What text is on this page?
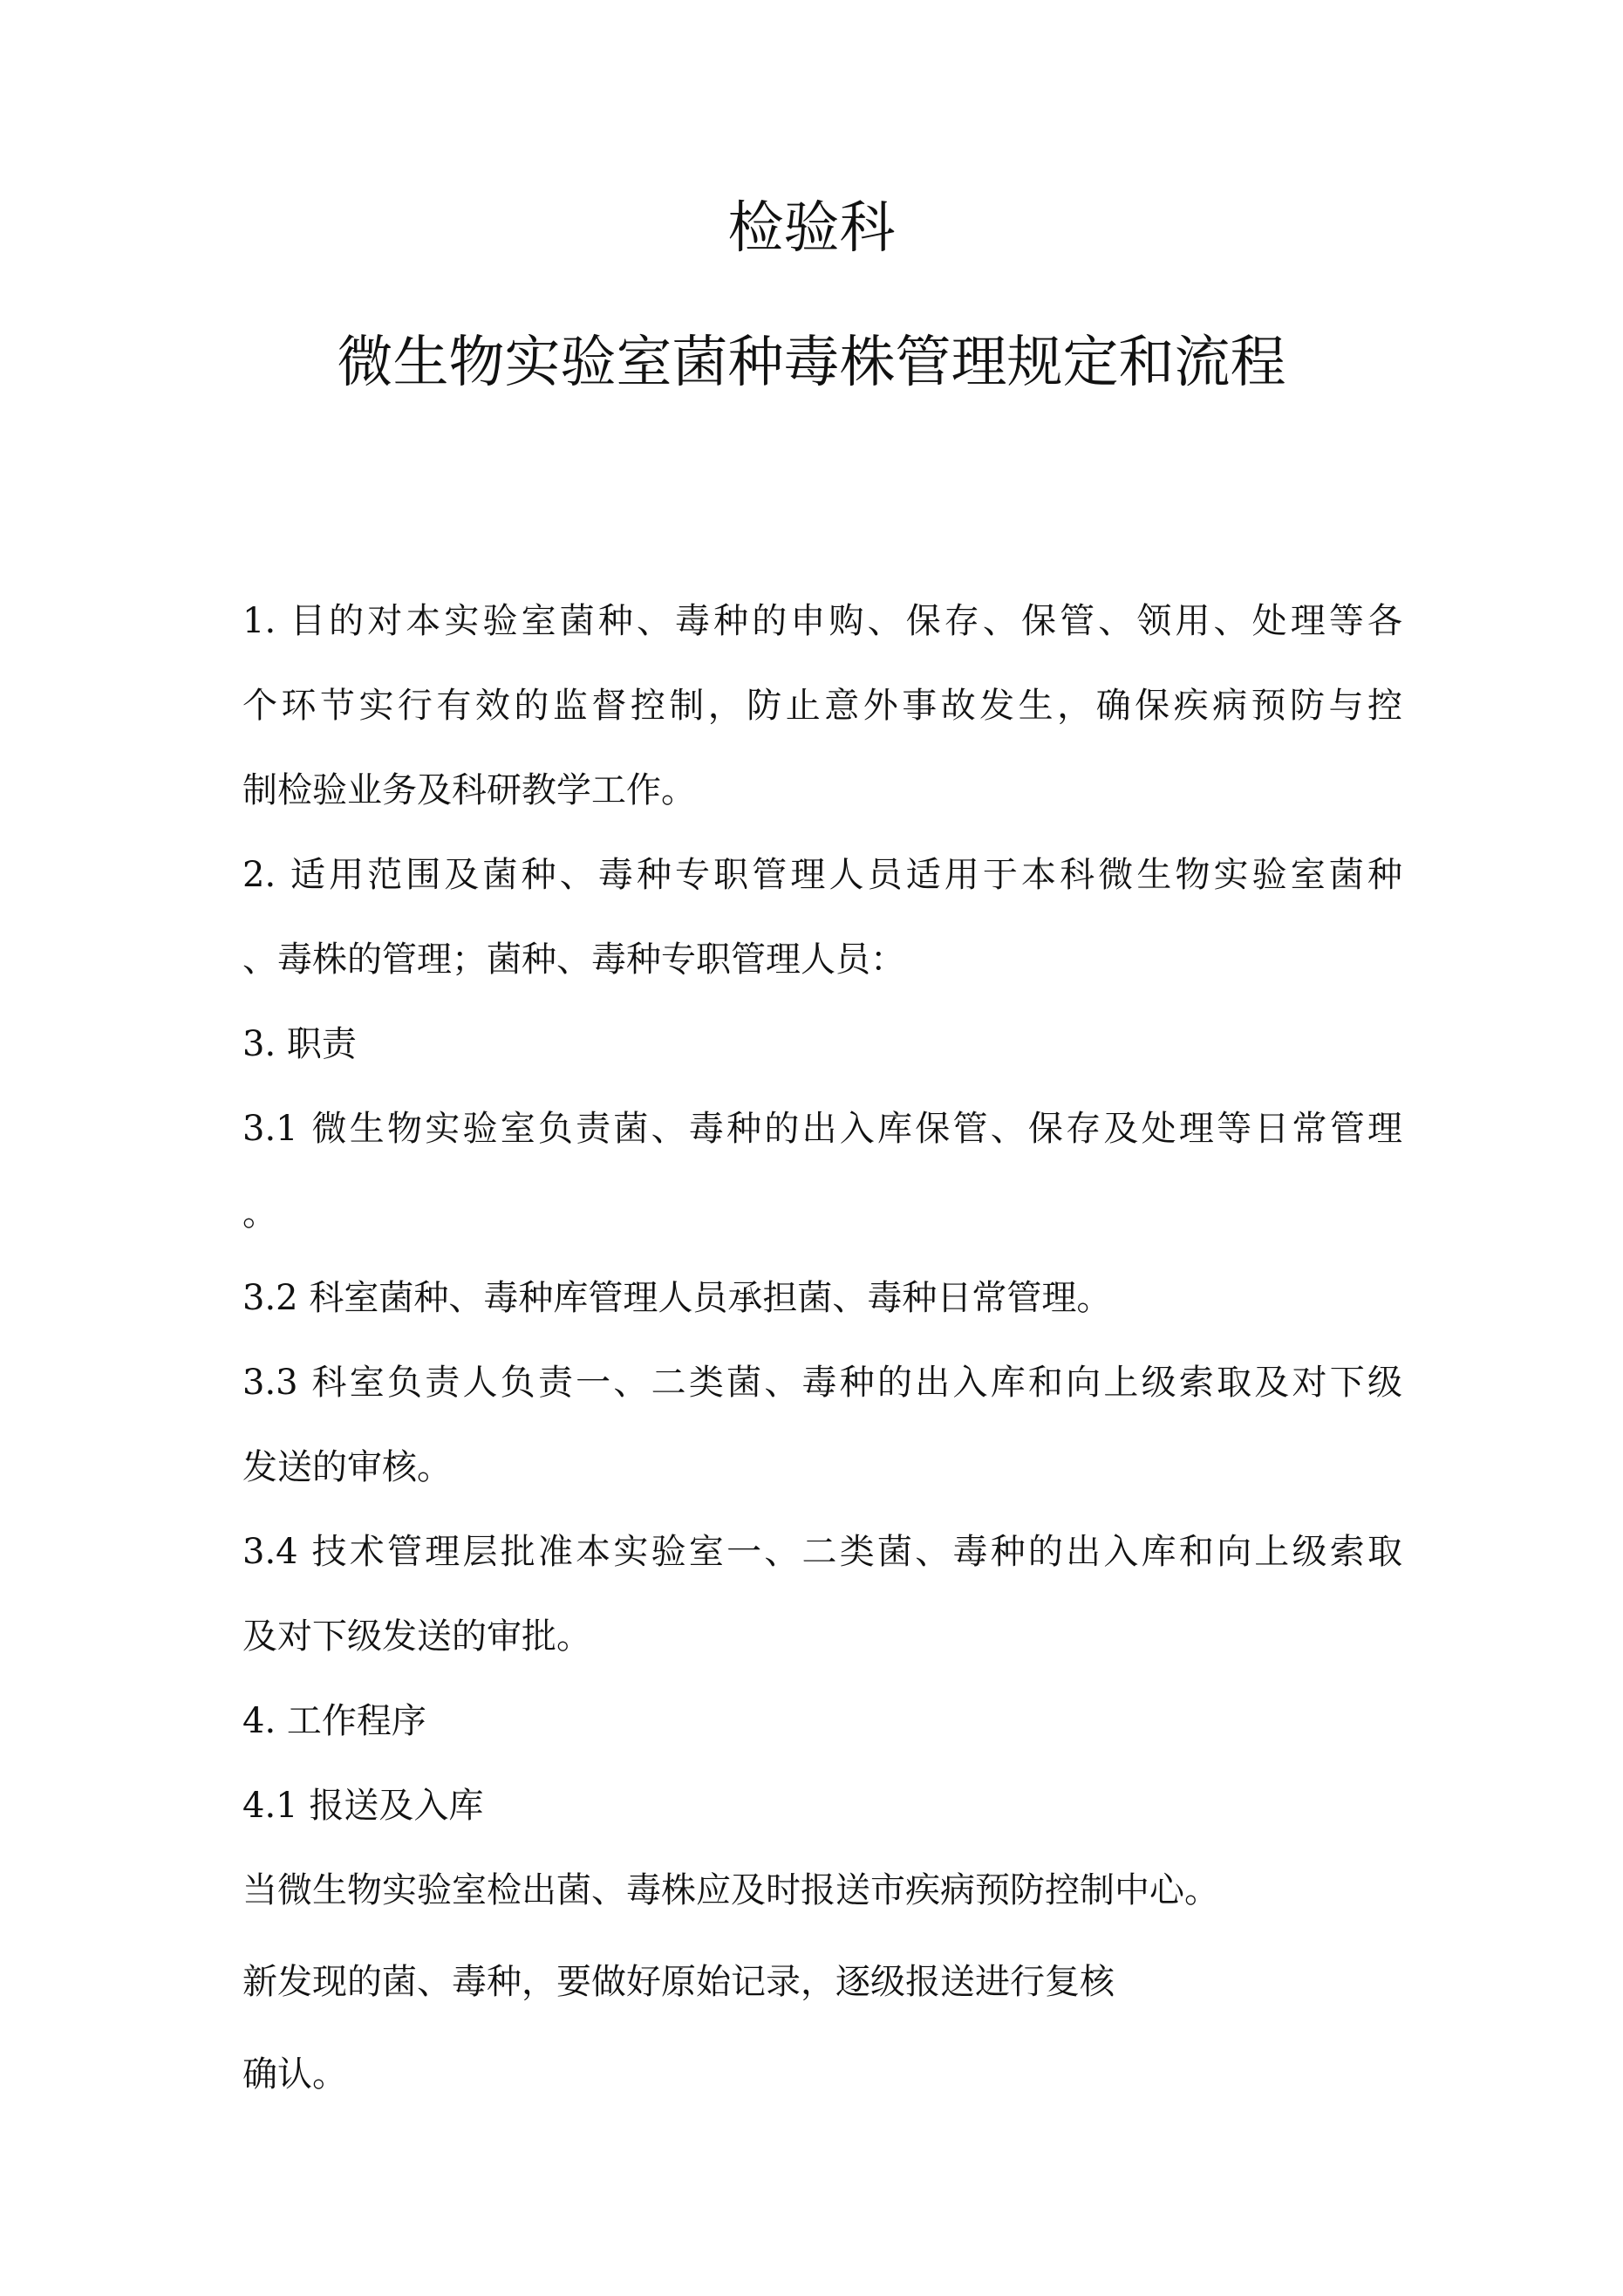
检验科
微生物实验室菌种毒株管理规定和流程
1. 目的对本实验室菌种、毒种的申购、保存、保管、领用、处理等各
个环节实行有效的监督控制，防止意外事故发生，确保疾病预防与控
制检验业务及科研教学工作。
2. 适用范围及菌种、毒种专职管理人员适用于本科微生物实验室菌种
、毒株的管理；菌种、毒种专职管理人员：
3. 职责
3.1 微生物实验室负责菌、毒种的出入库保管、保存及处理等日常管理
。
3.2 科室菌种、毒种库管理人员承担菌、毒种日常管理。
3.3 科室负责人负责一、二类菌、毒种的出入库和向上级索取及对下级
发送的审核。
3.4 技术管理层批准本实验室一、二类菌、毒种的出入库和向上级索取
及对下级发送的审批。
4. 工作程序
4.1 报送及入库
当微生物实验室检出菌、毒株应及时报送市疾病预防控制中心。
新发现的菌、毒种，要做好原始记录，逐级报送进行复核
确认。
